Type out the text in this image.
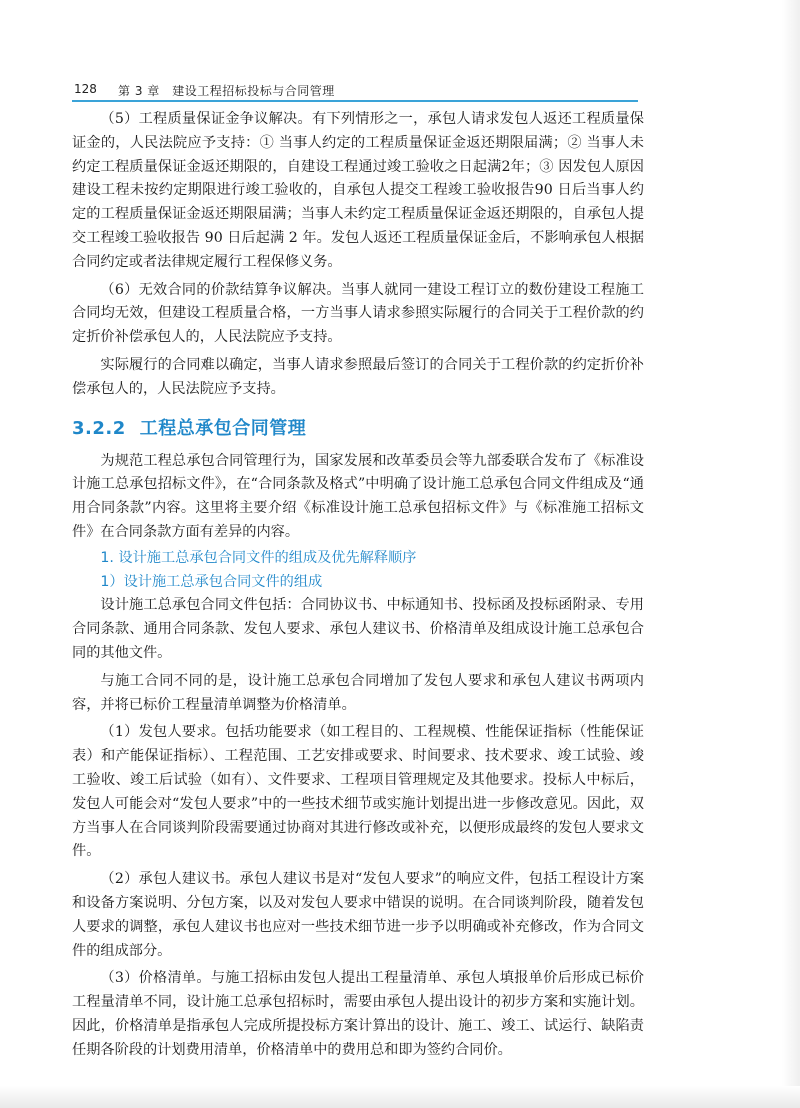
128 第 3 章　建设工程招标投标与合同管理

（5）工程质量保证金争议解决。有下列情形之一，承包人请求发包人返还工程质量保证金的，人民法院应予支持：① 当事人约定的工程质量保证金返还期限届满；② 当事人未约定工程质量保证金返还期限的，自建设工程通过竣工验收之日起满2年；③ 因发包人原因建设工程未按约定期限进行竣工验收的，自承包人提交工程竣工验收报告90 日后当事人约定的工程质量保证金返还期限届满；当事人未约定工程质量保证金返还期限的，自承包人提交工程竣工验收报告 90 日后起满 2 年。发包人返还工程质量保证金后，不影响承包人根据合同约定或者法律规定履行工程保修义务。

（6）无效合同的价款结算争议解决。当事人就同一建设工程订立的数份建设工程施工合同均无效，但建设工程质量合格，一方当事人请求参照实际履行的合同关于工程价款的约定折价补偿承包人的，人民法院应予支持。

实际履行的合同难以确定，当事人请求参照最后签订的合同关于工程价款的约定折价补偿承包人的，人民法院应予支持。

3.2.2 工程总承包合同管理

为规范工程总承包合同管理行为，国家发展和改革委员会等九部委联合发布了《标准设计施工总承包招标文件》，在“合同条款及格式”中明确了设计施工总承包合同文件组成及“通用合同条款”内容。这里将主要介绍《标准设计施工总承包招标文件》与《标准施工招标文件》在合同条款方面有差异的内容。

1. 设计施工总承包合同文件的组成及优先解释顺序
1）设计施工总承包合同文件的组成

设计施工总承包合同文件包括：合同协议书、中标通知书、投标函及投标函附录、专用合同条款、通用合同条款、发包人要求、承包人建议书、价格清单及组成设计施工总承包合同的其他文件。

与施工合同不同的是，设计施工总承包合同增加了发包人要求和承包人建议书两项内容，并将已标价工程量清单调整为价格清单。

（1）发包人要求。包括功能要求（如工程目的、工程规模、性能保证指标（性能保证表）和产能保证指标）、工程范围、工艺安排或要求、时间要求、技术要求、竣工试验、竣工验收、竣工后试验（如有）、文件要求、工程项目管理规定及其他要求。投标人中标后，发包人可能会对“发包人要求”中的一些技术细节或实施计划提出进一步修改意见。因此，双方当事人在合同谈判阶段需要通过协商对其进行修改或补充，以便形成最终的发包人要求文件。

（2）承包人建议书。承包人建议书是对“发包人要求”的响应文件，包括工程设计方案和设备方案说明、分包方案，以及对发包人要求中错误的说明。在合同谈判阶段，随着发包人要求的调整，承包人建议书也应对一些技术细节进一步予以明确或补充修改，作为合同文件的组成部分。

（3）价格清单。与施工招标由发包人提出工程量清单、承包人填报单价后形成已标价工程量清单不同，设计施工总承包招标时，需要由承包人提出设计的初步方案和实施计划。因此，价格清单是指承包人完成所提投标方案计算出的设计、施工、竣工、试运行、缺陷责任期各阶段的计划费用清单，价格清单中的费用总和即为签约合同价。
